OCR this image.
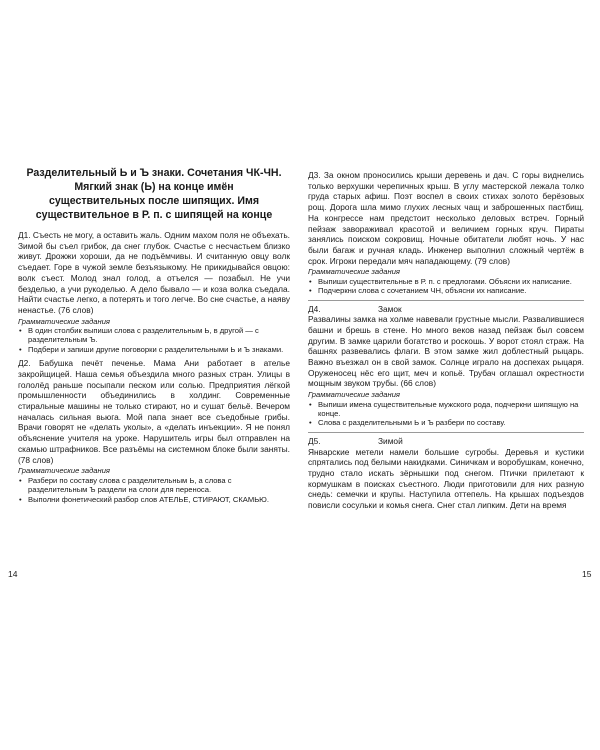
Разделительный Ь и Ъ знаки. Сочетания ЧК-ЧН.
Мягкий знак (Ь) на конце имён
существительных после шипящих. Имя
существительное в Р. п. с шипящей на конце

Д1. Съесть не могу, а оставить жаль. Одним махом поля не объехать. Зимой бы съел грибок, да снег глубок. Счастье с несчастьем близко живут. Дрожжи хороши, да не подъёмчивы. И считанную овцу волк съедает. Горе в чужой земле безъязыкому. Не прикидывайся овцою: волк съест. Молод знал голод, а отъелся — позабыл. Не учи безделью, а учи рукоделью. А дело бывало — и коза волка съедала. Найти счастье легко, а потерять и того легче. Во снe счастье, а наяву ненастье. (76 слов)

Грамматические задания
• В один столбик выпиши слова с разделительным Ь, в другой — с разделительным Ъ.
• Подбери и запиши другие поговорки с разделительными Ь и Ъ знаками.

Д2. Бабушка печёт печенье. Мама Ани работает в ателье закройщицей. Наша семья объездила много разных стран. Улицы в гололёд раньше посыпали песком или солью. Предприятия лёгкой промышленности объединились в холдинг. Современные стиральные машины не только стирают, но и сушат бельё. Вечером началась сильная вьюга. Мой папа знает все съедобные грибы. Врачи говорят не «делать уколы», а «делать инъекции». Я не понял объяснение учителя на уроке. Нарушитель игры был отправлен на скамью штрафников. Все разъёмы на системном блоке были заняты. (78 слов)

Грамматические задания
• Разбери по составу слова с разделительным Ь, а слова с разделительным Ъ раздели на слоги для переноса.
• Выполни фонетический разбор слов АТЕЛЬЕ, СТИРАЮТ, СКАМЬЮ.

Д3. За окном проносились крыши деревень и дач. С горы виднелись только верхушки черепичных крыш. В углу мастерской лежала толко груда старых афиш. Поэт воспел в своих стихах золото берёзовых рощ. Дорога шла мимо глухих лесных чащ и заброшенных пастбищ. На конгрессе нам предстоит несколько деловых встреч. Горный пейзаж завораживал красотой и величием горных круч. Пираты занялись поиском сокровищ. Ночные обитатели любят ночь. У нас были багаж и ручная кладь. Инженер выполнил сложный чертёж в срок. Игроки передали мяч нападающему. (79 слов)

Грамматические задания
• Выпиши существительные в Р. п. с предлогами. Объясни их написание.
• Подчеркни слова с сочетанием ЧН, объясни их написание.
Д4.	Замок

Развалины замка на холме навевали грустные мысли. Развалившиеся башни и брешь в стене. Но много веков назад пейзаж был совсем другим. В замке царили богатство и роскошь. У ворот стоял страж. На башнях развевались флаги. В этом замке жил доблестный рыцарь. Важно въезжал он в свой замок. Солнце играло на доспехах рыцаря. Оруженосец нёс его щит, меч и копьё. Трубач оглашал окрестности мощным звуком трубы. (66 слов)

Грамматические задания
• Выпиши имена существительные мужского рода, подчеркни шипящую на конце.
• Слова с разделительными Ь и Ъ разбери по составу.
Д5.	Зимой

Январские метели намели большие сугробы. Деревья и кустики спрятались под белыми накидками. Синичкам и воробушкам, конечно, трудно стало искать зёрнышки под снегом. Птички прилетают к кормушкам в поисках съестного. Люди приготовили для них разную снедь: семечки и крупы. Наступила оттепель. На крышах подъездов повисли сосульки и комья снега. Снег стал липким. Дети на время

14	15
